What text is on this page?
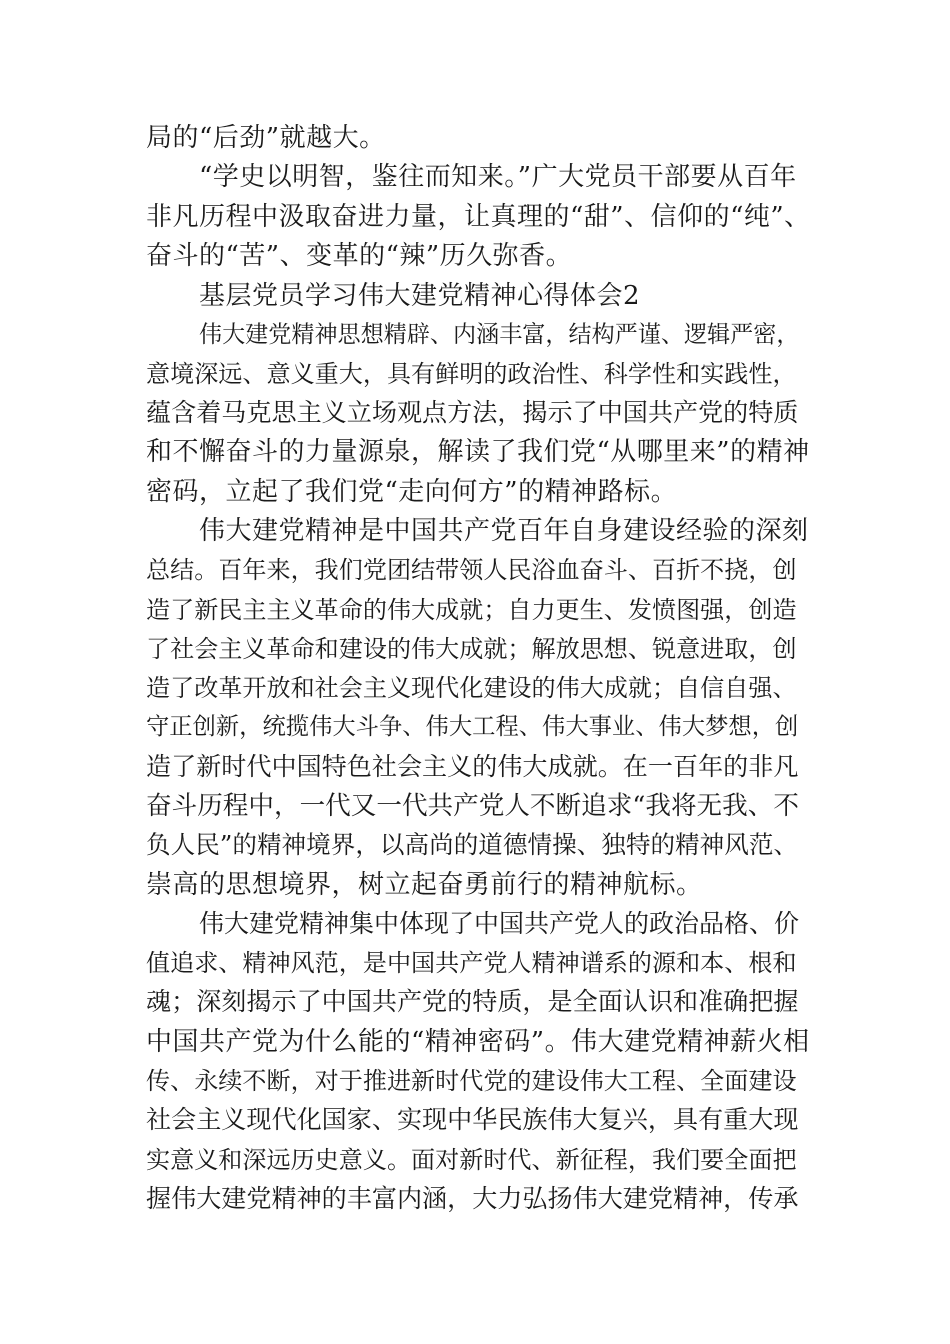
局的“后劲”就越大。

“学史以明智，鉴往而知来。”广大党员干部要从百年

非凡历程中汲取奋进力量，让真理的“甜”、信仰的“纯”、

奋斗的“苦”、变革的“辣”历久弥香。

基层党员学习伟大建党精神心得体会2

伟大建党精神思想精辟、内涵丰富，结构严谨、逻辑严密，

意境深远、意义重大，具有鲜明的政治性、科学性和实践性，

蕴含着马克思主义立场观点方法，揭示了中国共产党的特质

和不懈奋斗的力量源泉，解读了我们党“从哪里来”的精神

密码，立起了我们党“走向何方”的精神路标。

伟大建党精神是中国共产党百年自身建设经验的深刻

总结。百年来，我们党团结带领人民浴血奋斗、百折不挠，创

造了新民主主义革命的伟大成就；自力更生、发愤图强，创造

了社会主义革命和建设的伟大成就；解放思想、锐意进取，创

造了改革开放和社会主义现代化建设的伟大成就；自信自强、

守正创新，统揽伟大斗争、伟大工程、伟大事业、伟大梦想，创

造了新时代中国特色社会主义的伟大成就。在一百年的非凡

奋斗历程中，一代又一代共产党人不断追求“我将无我、不

负人民”的精神境界，以高尚的道德情操、独特的精神风范、

崇高的思想境界，树立起奋勇前行的精神航标。

伟大建党精神集中体现了中国共产党人的政治品格、价

值追求、精神风范，是中国共产党人精神谱系的源和本、根和

魂；深刻揭示了中国共产党的特质，是全面认识和准确把握

中国共产党为什么能的“精神密码”。伟大建党精神薪火相

传、永续不断，对于推进新时代党的建设伟大工程、全面建设

社会主义现代化国家、实现中华民族伟大复兴，具有重大现

实意义和深远历史意义。面对新时代、新征程，我们要全面把

握伟大建党精神的丰富内涵，大力弘扬伟大建党精神，传承
